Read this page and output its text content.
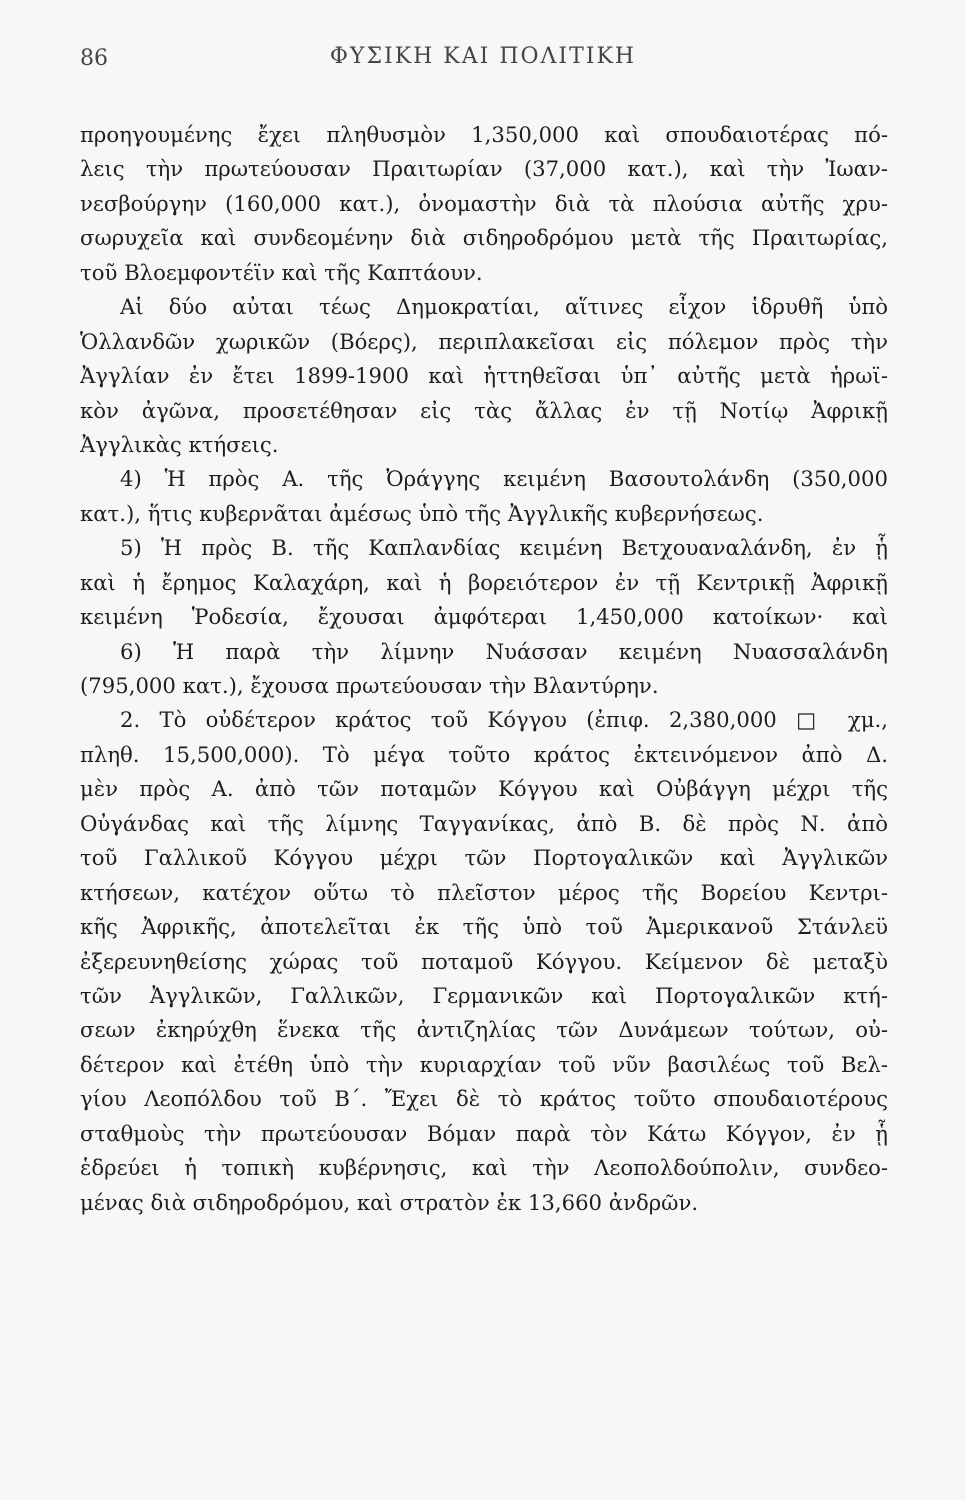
86	ΦΥΣΙΚΗ ΚΑΙ ΠΟΛΙΤΙΚΗ
προηγουμένης ἔχει πληθυσμὸν 1,350,000 καὶ σπουδαιοτέρας πό-
λεις τὴν πρωτεύουσαν Πραιτωρίαν (37,000 κατ.), καὶ τὴν Ἰωαν-
νεσβούργην (160,000 κατ.), ὀνομαστὴν διὰ τὰ πλούσια αὐτῆς χρυ-
σωρυχεῖα καὶ συνδεομένην διὰ σιδηροδρόμου μετὰ τῆς Πραιτωρίας,
τοῦ Βλοεμφοντέϊν καὶ τῆς Καπτάουν.
Αἱ δύο αὐται τέως Δημοκρατίαι, αἵτινες εἶχον ἱδρυθῆ ὑπὸ
Ὁλλανδῶν χωρικῶν (Βόερς), περιπλακεῖσαι εἰς πόλεμον πρὸς τὴν
Ἀγγλίαν ἐν ἔτει 1899-1900 καὶ ἡττηθεῖσαι ὑπ᾿ αὐτῆς μετὰ ἡρωϊ-
κὸν ἀγῶνα, προσετέθησαν εἰς τὰς ἄλλας ἐν τῇ Νοτίῳ Ἀφρικῇ
Ἀγγλικὰς κτήσεις.
4) Ἡ πρὸς Α. τῆς Ὀράγγης κειμένη Βασουτολάνδη (350,000
κατ.), ἥτις κυβερνᾶται ἀμέσως ὑπὸ τῆς Ἀγγλικῆς κυβερνήσεως.
5) Ἡ πρὸς Β. τῆς Καπλανδίας κειμένη Βετχουαναλάνδη, ἐν ᾗ
καὶ ἡ ἔρημος Καλαχάρη, καὶ ἡ βορειότερον ἐν τῇ Κεντρικῇ Ἀφρικῇ
κειμένη Ῥοδεσία, ἔχουσαι ἀμφότεραι 1,450,000 κατοίκων· καὶ
6) Ἡ παρὰ τὴν λίμνην Νυάσσαν κειμένη Νυασσαλάνδη
(795,000 κατ.), ἔχουσα πρωτεύουσαν τὴν Βλαντύρην.
2. Τὸ οὐδέτερον κράτος τοῦ Κόγγου (ἐπιφ. 2,380,000 □ χμ.,
πληθ. 15,500,000). Τὸ μέγα τοῦτο κράτος ἐκτεινόμενον ἀπὸ Δ.
μὲν πρὸς Α. ἀπὸ τῶν ποταμῶν Κόγγου καὶ Οὐβάγγη μέχρι τῆς
Οὐγάνδας καὶ τῆς λίμνης Ταγγανίκας, ἀπὸ Β. δὲ πρὸς Ν. ἀπὸ
τοῦ Γαλλικοῦ Κόγγου μέχρι τῶν Πορτογαλικῶν καὶ Ἀγγλικῶν
κτήσεων, κατέχον οὕτω τὸ πλεῖστον μέρος τῆς Βορείου Κεντρι-
κῆς Ἀφρικῆς, ἀποτελεῖται ἐκ τῆς ὑπὸ τοῦ Ἀμερικανοῦ Στάνλεϋ
ἐξερευνηθείσης χώρας τοῦ ποταμοῦ Κόγγου. Κείμενον δὲ μεταξὺ
τῶν Ἀγγλικῶν, Γαλλικῶν, Γερμανικῶν καὶ Πορτογαλικῶν κτή-
σεων ἐκηρύχθη ἕνεκα τῆς ἀντιζηλίας τῶν Δυνάμεων τούτων, οὐ-
δέτερον καὶ ἐτέθη ὑπὸ τὴν κυριαρχίαν τοῦ νῦν βασιλέως τοῦ Βελ-
γίου Λεοπόλδου τοῦ Β΄. Ἔχει δὲ τὸ κράτος τοῦτο σπουδαιοτέρους
σταθμοὺς τὴν πρωτεύουσαν Βόμαν παρὰ τὸν Κάτω Κόγγον, ἐν ᾗ
ἑδρεύει ἡ τοπικὴ κυβέρνησις, καὶ τὴν Λεοπολδούπολιν, συνδεο-
μένας διὰ σιδηροδρόμου, καὶ στρατὸν ἐκ 13,660 ἀνδρῶν.
